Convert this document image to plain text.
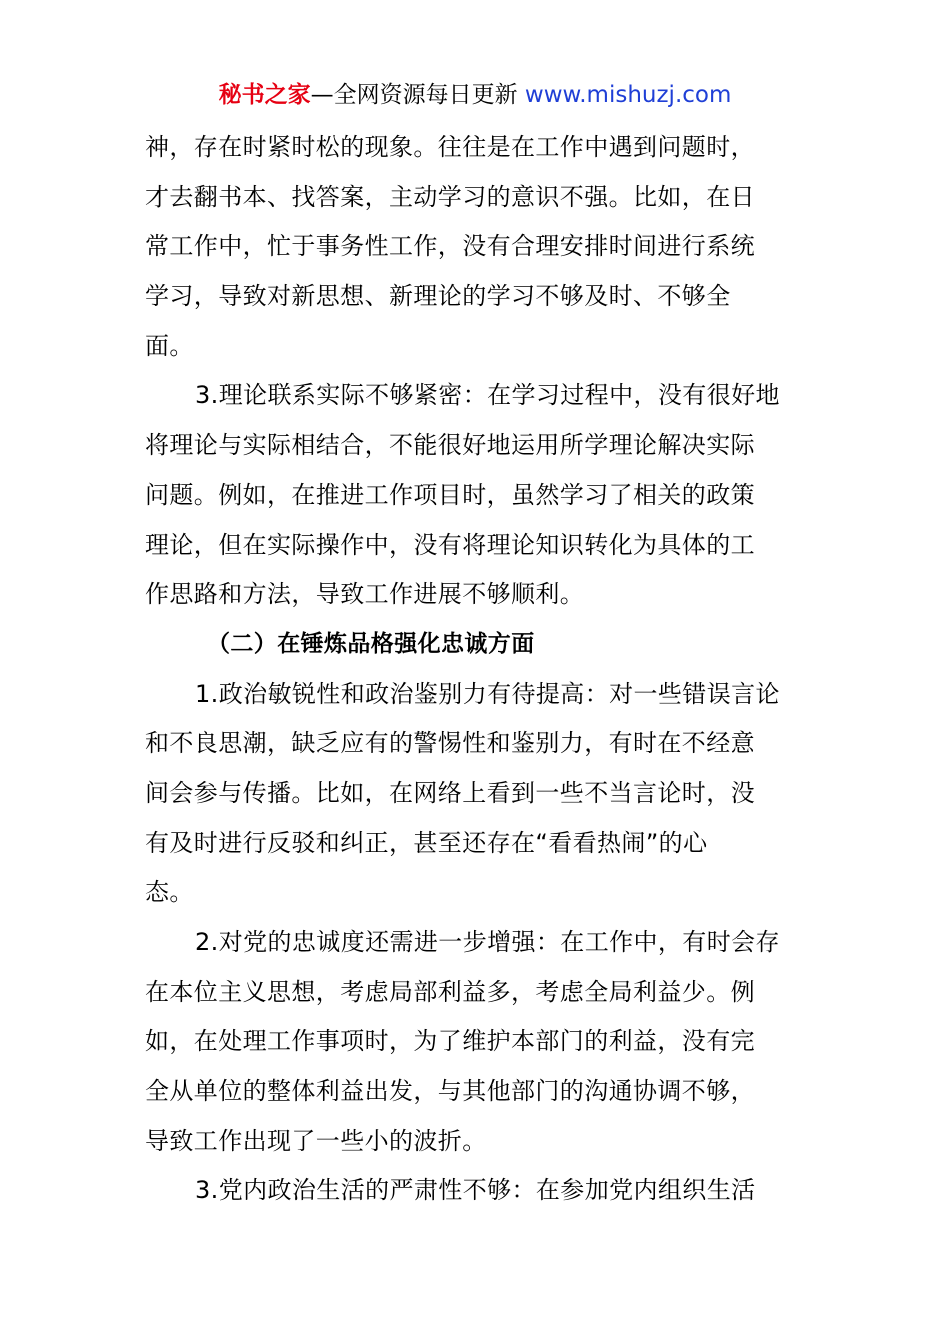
秘书之家—全网资源每日更新 www.mishuzj.com
神，存在时紧时松的现象。往往是在工作中遇到问题时，
才去翻书本、找答案，主动学习的意识不强。比如，在日
常工作中，忙于事务性工作，没有合理安排时间进行系统
学习，导致对新思想、新理论的学习不够及时、不够全
面。
3.理论联系实际不够紧密：在学习过程中，没有很好地
将理论与实际相结合，不能很好地运用所学理论解决实际
问题。例如，在推进工作项目时，虽然学习了相关的政策
理论，但在实际操作中，没有将理论知识转化为具体的工
作思路和方法，导致工作进展不够顺利。
（二）在锤炼品格强化忠诚方面
1.政治敏锐性和政治鉴别力有待提高：对一些错误言论
和不良思潮，缺乏应有的警惕性和鉴别力，有时在不经意
间会参与传播。比如，在网络上看到一些不当言论时，没
有及时进行反驳和纠正，甚至还存在“看看热闹”的心
态。
2.对党的忠诚度还需进一步增强：在工作中，有时会存
在本位主义思想，考虑局部利益多，考虑全局利益少。例
如，在处理工作事项时，为了维护本部门的利益，没有完
全从单位的整体利益出发，与其他部门的沟通协调不够，
导致工作出现了一些小的波折。
3.党内政治生活的严肃性不够：在参加党内组织生活
